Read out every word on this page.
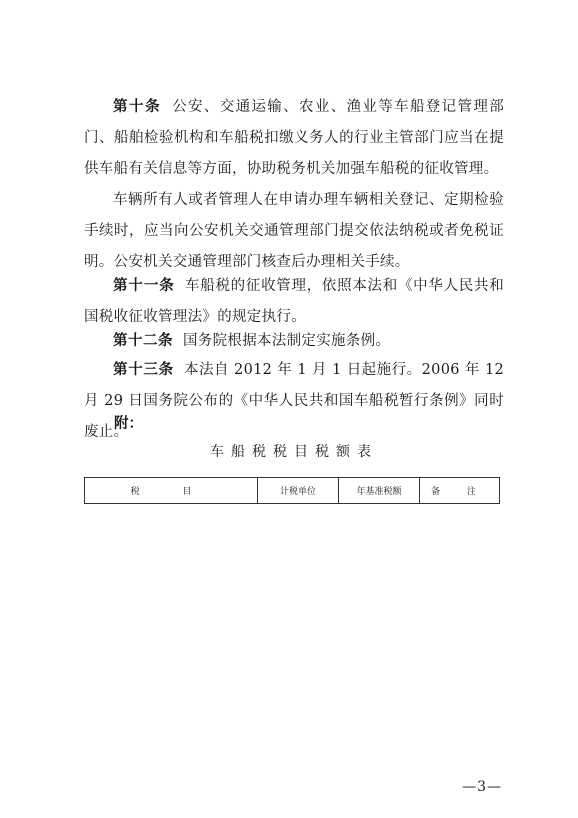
第十条 公安、交通运输、农业、渔业等车船登记管理部门、船舶检验机构和车船税扣缴义务人的行业主管部门应当在提供车船有关信息等方面，协助税务机关加强车船税的征收管理。

车辆所有人或者管理人在申请办理车辆相关登记、定期检验手续时，应当向公安机关交通管理部门提交依法纳税或者免税证明。公安机关交通管理部门核查后办理相关手续。

第十一条 车船税的征收管理，依照本法和《中华人民共和国税收征收管理法》的规定执行。

第十二条 国务院根据本法制定实施条例。

第十三条 本法自 2012 年 1 月 1 日起施行。2006 年 12 月 29 日国务院公布的《中华人民共和国车船税暂行条例》同时废止。

附：
车船税税目税额表
税 目	计税单位	年基准税额	备 注
—3—
